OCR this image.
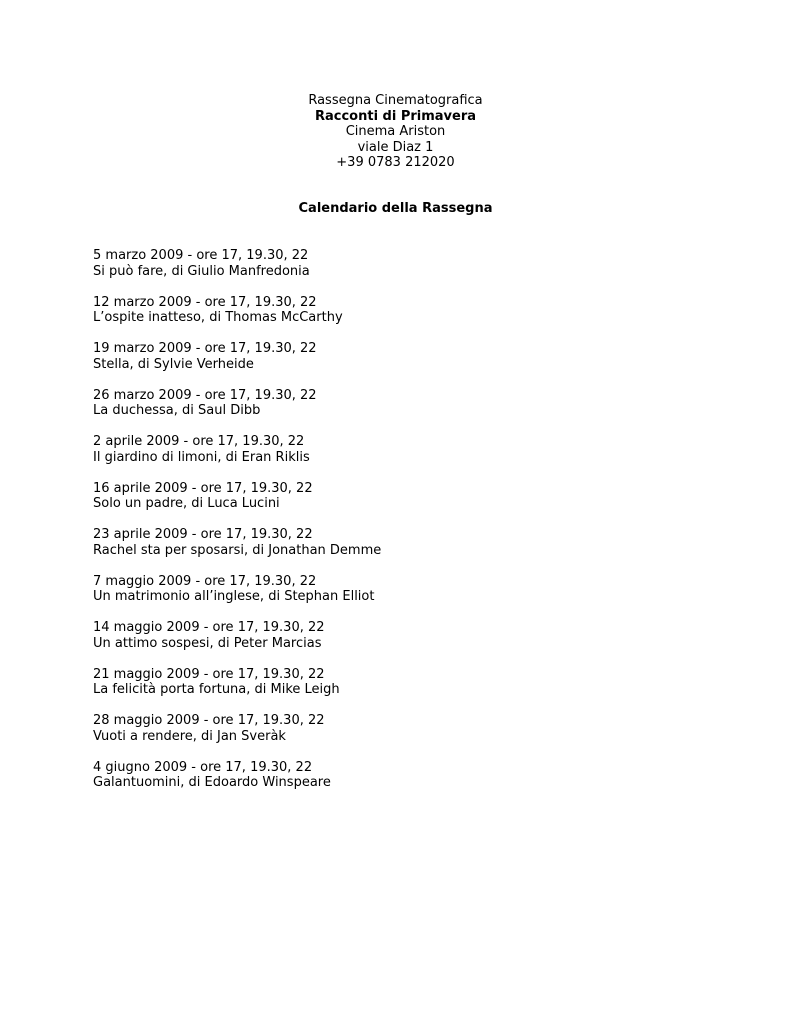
Rassegna Cinematografica
Racconti di Primavera
Cinema Ariston
viale Diaz 1
+39 0783 212020
Calendario della Rassegna
5 marzo 2009 - ore 17, 19.30, 22
Si può fare, di Giulio Manfredonia
12 marzo 2009 - ore 17, 19.30, 22
L’ospite inatteso, di Thomas McCarthy
19 marzo 2009 - ore 17, 19.30, 22
Stella, di Sylvie Verheide
26 marzo 2009 - ore 17, 19.30, 22
La duchessa, di Saul Dibb
2 aprile 2009 - ore 17, 19.30, 22
Il giardino di limoni, di Eran Riklis
16 aprile 2009 - ore 17, 19.30, 22
Solo un padre, di Luca Lucini
23 aprile 2009 - ore 17, 19.30, 22
Rachel sta per sposarsi, di Jonathan Demme
7 maggio 2009 - ore 17, 19.30, 22
Un matrimonio all’inglese, di Stephan Elliot
14 maggio 2009 - ore 17, 19.30, 22
Un attimo sospesi, di Peter Marcias
21 maggio 2009 - ore 17, 19.30, 22
La felicità porta fortuna, di Mike Leigh
28 maggio 2009 - ore 17, 19.30, 22
Vuoti a rendere, di Jan Sveràk
4 giugno 2009 - ore 17, 19.30, 22
Galantuomini, di Edoardo Winspeare
